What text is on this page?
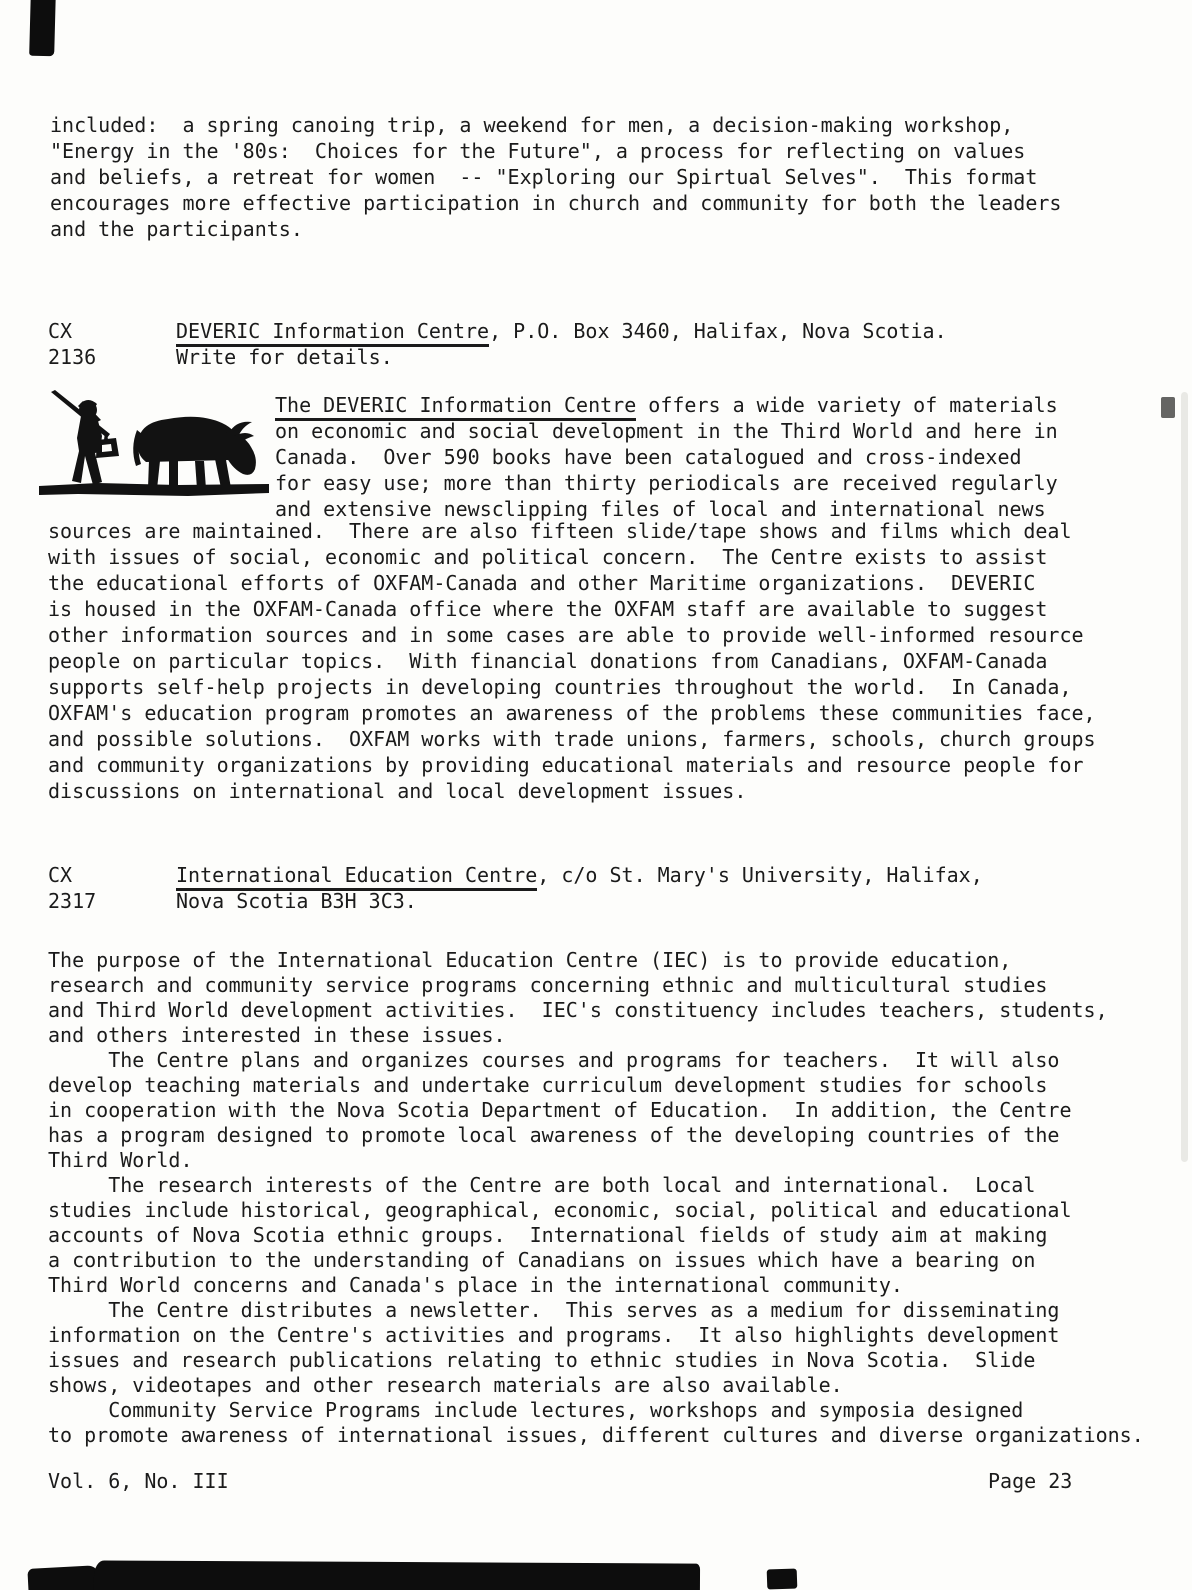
included:  a spring canoing trip, a weekend for men, a decision-making workshop,
"Energy in the '80s:  Choices for the Future", a process for reflecting on values
and beliefs, a retreat for women  -- "Exploring our Spirtual Selves".  This format
encourages more effective participation in church and community for both the leaders
and the participants.
CX
2136
DEVERIC Information Centre, P.O. Box 3460, Halifax, Nova Scotia.
Write for details.
The DEVERIC Information Centre offers a wide variety of materials
on economic and social development in the Third World and here in
Canada.  Over 590 books have been catalogued and cross-indexed
for easy use; more than thirty periodicals are received regularly
and extensive newsclipping files of local and international news
sources are maintained.  There are also fifteen slide/tape shows and films which deal
with issues of social, economic and political concern.  The Centre exists to assist
the educational efforts of OXFAM-Canada and other Maritime organizations.  DEVERIC
is housed in the OXFAM-Canada office where the OXFAM staff are available to suggest
other information sources and in some cases are able to provide well-informed resource
people on particular topics.  With financial donations from Canadians, OXFAM-Canada
supports self-help projects in developing countries throughout the world.  In Canada,
OXFAM's education program promotes an awareness of the problems these communities face,
and possible solutions.  OXFAM works with trade unions, farmers, schools, church groups
and community organizations by providing educational materials and resource people for
discussions on international and local development issues.
CX
2317
International Education Centre, c/o St. Mary's University, Halifax,
Nova Scotia B3H 3C3.
The purpose of the International Education Centre (IEC) is to provide education,
research and community service programs concerning ethnic and multicultural studies
and Third World development activities.  IEC's constituency includes teachers, students,
and others interested in these issues.
The Centre plans and organizes courses and programs for teachers.  It will also
develop teaching materials and undertake curriculum development studies for schools
in cooperation with the Nova Scotia Department of Education.  In addition, the Centre
has a program designed to promote local awareness of the developing countries of the
Third World.
The research interests of the Centre are both local and international.  Local
studies include historical, geographical, economic, social, political and educational
accounts of Nova Scotia ethnic groups.  International fields of study aim at making
a contribution to the understanding of Canadians on issues which have a bearing on
Third World concerns and Canada's place in the international community.
The Centre distributes a newsletter.  This serves as a medium for disseminating
information on the Centre's activities and programs.  It also highlights development
issues and research publications relating to ethnic studies in Nova Scotia.  Slide
shows, videotapes and other research materials are also available.
Community Service Programs include lectures, workshops and symposia designed
to promote awareness of international issues, different cultures and diverse organizations.
Vol. 6, No. III	Page 23
